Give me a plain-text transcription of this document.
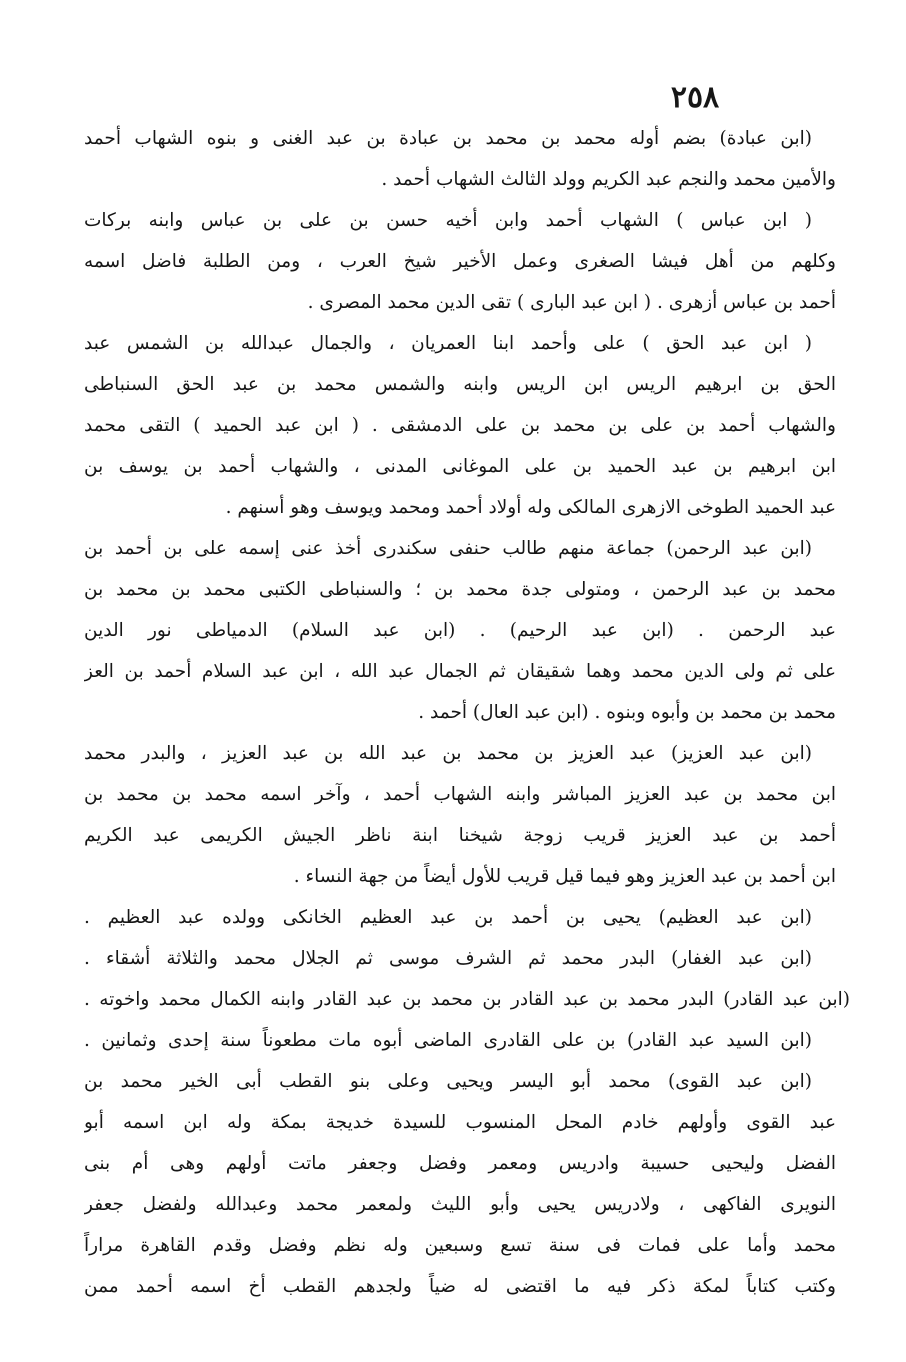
٢٥٨
(ابن عبادة) بضم أوله محمد بن محمد بن عبادة بن عبد الغنى و بنوه الشهاب أحمد
والأمين محمد والنجم عبد الكريم وولد الثالث الشهاب أحمد .
( ابن عباس ) الشهاب أحمد وابن أخيه حسن بن على بن عباس وابنه بركات
وكلهم من أهل فيشا الصغرى وعمل الأخير شيخ العرب ، ومن الطلبة فاضل اسمه
أحمد بن عباس أزهرى . ( ابن عبد البارى ) تقى الدين محمد المصرى .
( ابن عبد الحق ) على وأحمد ابنا العمريان ، والجمال عبدالله بن الشمس عبد
الحق بن ابرهيم الريس ابن الريس وابنه والشمس محمد بن عبد الحق السنباطى
والشهاب أحمد بن على بن محمد بن على الدمشقى . ( ابن عبد الحميد ) التقى محمد
ابن ابرهيم بن عبد الحميد بن على الموغانى المدنى ، والشهاب أحمد بن يوسف بن
عبد الحميد الطوخى الازهرى المالكى وله أولاد أحمد ومحمد ويوسف وهو أسنهم .
(ابن عبد الرحمن) جماعة منهم طالب حنفى سكندرى أخذ عنى إسمه على بن أحمد بن
محمد بن عبد الرحمن ، ومتولى جدة محمد بن ؛ والسنباطى الكتبى محمد بن محمد بن
عبد الرحمن . (ابن عبد الرحيم) . (ابن عبد السلام) الدمياطى نور الدين
على ثم ولى الدين محمد وهما شقيقان ثم الجمال عبد الله ، ابن عبد السلام أحمد بن العز
محمد بن محمد بن وأبوه وبنوه . (ابن عبد العال) أحمد .
(ابن عبد العزيز) عبد العزيز بن محمد بن عبد الله بن عبد العزيز ، والبدر محمد
ابن محمد بن عبد العزيز المباشر وابنه الشهاب أحمد ، وآخر اسمه محمد بن محمد بن
أحمد بن عبد العزيز قريب زوجة شيخنا ابنة ناظر الجيش الكريمى عبد الكريم
ابن أحمد بن عبد العزيز وهو فيما قيل قريب للأول أيضاً من جهة النساء .
(ابن عبد العظيم) يحيى بن أحمد بن عبد العظيم الخانكى وولده عبد العظيم .
(ابن عبد الغفار) البدر محمد ثم الشرف موسى ثم الجلال محمد والثلاثة أشقاء .
(ابن عبد القادر) البدر محمد بن عبد القادر بن محمد بن عبد القادر وابنه الكمال محمد واخوته .
(ابن السيد عبد القادر) بن على القادرى الماضى أبوه مات مطعوناً سنة إحدى وثمانين .
(ابن عبد القوى) محمد أبو اليسر ويحيى وعلى بنو القطب أبى الخير محمد بن
عبد القوى وأولهم خادم المحل المنسوب للسيدة خديجة بمكة وله ابن اسمه أبو
الفضل وليحيى حسيبة وادريس ومعمر وفضل وجعفر ماتت أولهم وهى أم بنى
النويرى الفاكهى ، ولادريس يحيى وأبو الليث ولمعمر محمد وعبدالله ولفضل جعفر
محمد وأما على فمات فى سنة تسع وسبعين وله نظم وفضل وقدم القاهرة مراراً
وكتب كتاباً لمكة ذكر فيه ما اقتضى له ضياً ولجدهم القطب أخ اسمه أحمد ممن
